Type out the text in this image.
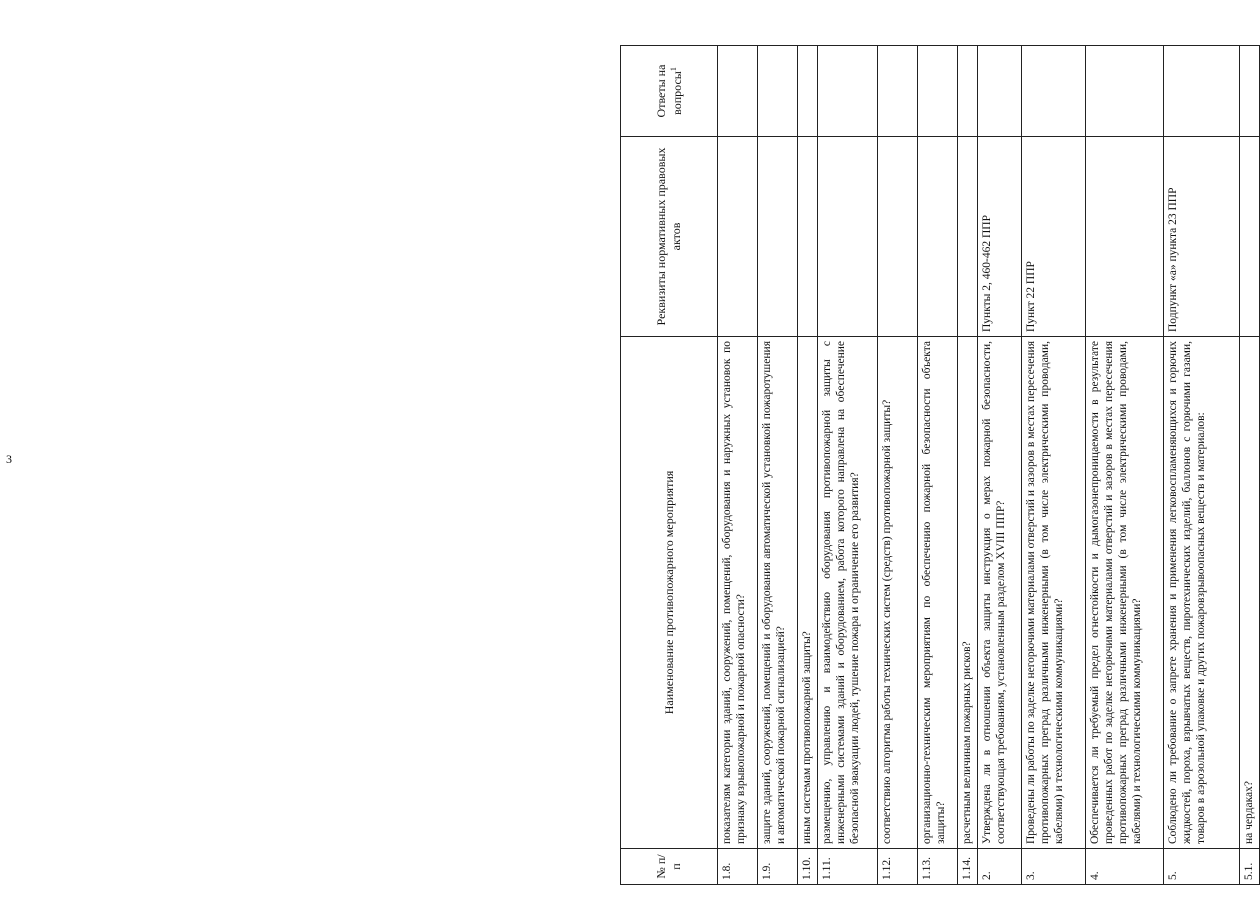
3
№ п/п	Наименование противопожарного мероприятия	Реквизиты нормативных правовых актов	Ответы на вопросы$^1$
1.8.	показателям категории зданий, сооружений, помещений, оборудования и наружных установок по признаку взрывопожарной и пожарной опасности?		
1.9.	защите зданий, сооружений, помещений и оборудования автоматической установкой пожаротушения и автоматической пожарной сигнализацией?		
1.10.	иным системам противопожарной защиты?		
1.11.	размещению, управлению и взаимодействию оборудования противопожарной защиты с инженерными системами зданий и оборудованием, работа которого направлена на обеспечение безопасной эвакуации людей, тушение пожара и ограничение его развития?		
1.12.	соответствию алгоритма работы технических систем (средств) противопожарной защиты?		
1.13.	организационно-техническим мероприятиям по обеспечению пожарной безопасности объекта защиты?		
1.14.	расчетным величинам пожарных рисков?		
2.	Утверждена ли в отношении объекта защиты инструкция о мерах пожарной безопасности, соответствующая требованиям, установленным разделом XVIII ППР?	Пункты 2, 460-462 ППР	
3.	Проведены ли работы по заделке негорючими материалами отверстий и зазоров в местах пересечения противопожарных преград различными инженерными (в том числе электрическими проводами, кабелями) и технологическими коммуникациями?	Пункт 22 ППР	
4.	Обеспечивается ли требуемый предел огнестойкости и дымогазонепроницаемости в результате проведенных работ по заделке негорючими материалами отверстий и зазоров в местах пересечения противопожарных преград различными инженерными (в том числе электрическими проводами, кабелями) и технологическими коммуникациями?		
5.	Соблюдено ли требование о запрете хранения и применения легковоспламеняющихся и горючих жидкостей, пороха, взрывчатых веществ, пиротехнических изделий, баллонов с горючими газами, товаров в аэрозольной упаковке и других пожаровзрывоопасных веществ и материалов:	Подпункт «а» пункта 23 ППР	
5.1.	на чердаках?		
